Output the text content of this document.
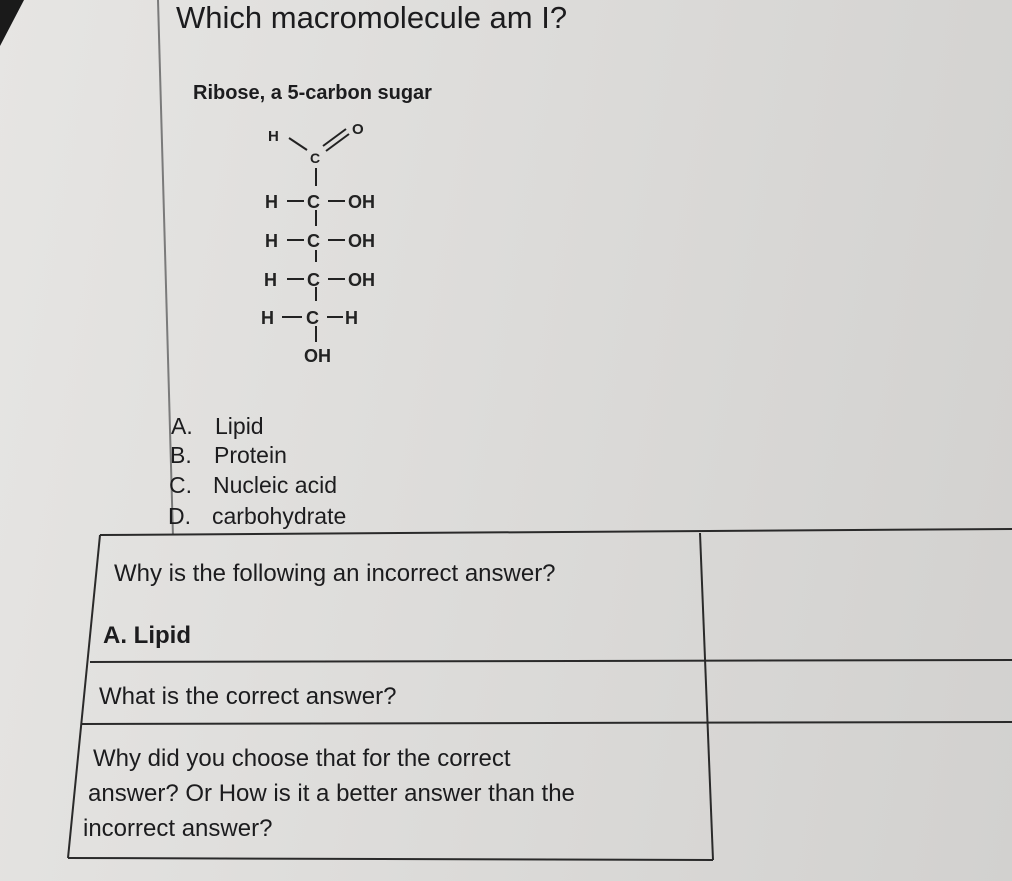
Which macromolecule am I?
Ribose, a 5-carbon sugar
H
C
O
H C OH
H C OH
H C OH
H C H
OH
A. Lipid
B. Protein
C. Nucleic acid
D. carbohydrate
Why is the following an incorrect answer?
A. Lipid
What is the correct answer?
Why did you choose that for the correct
answer? Or How is it a better answer than the
incorrect answer?
